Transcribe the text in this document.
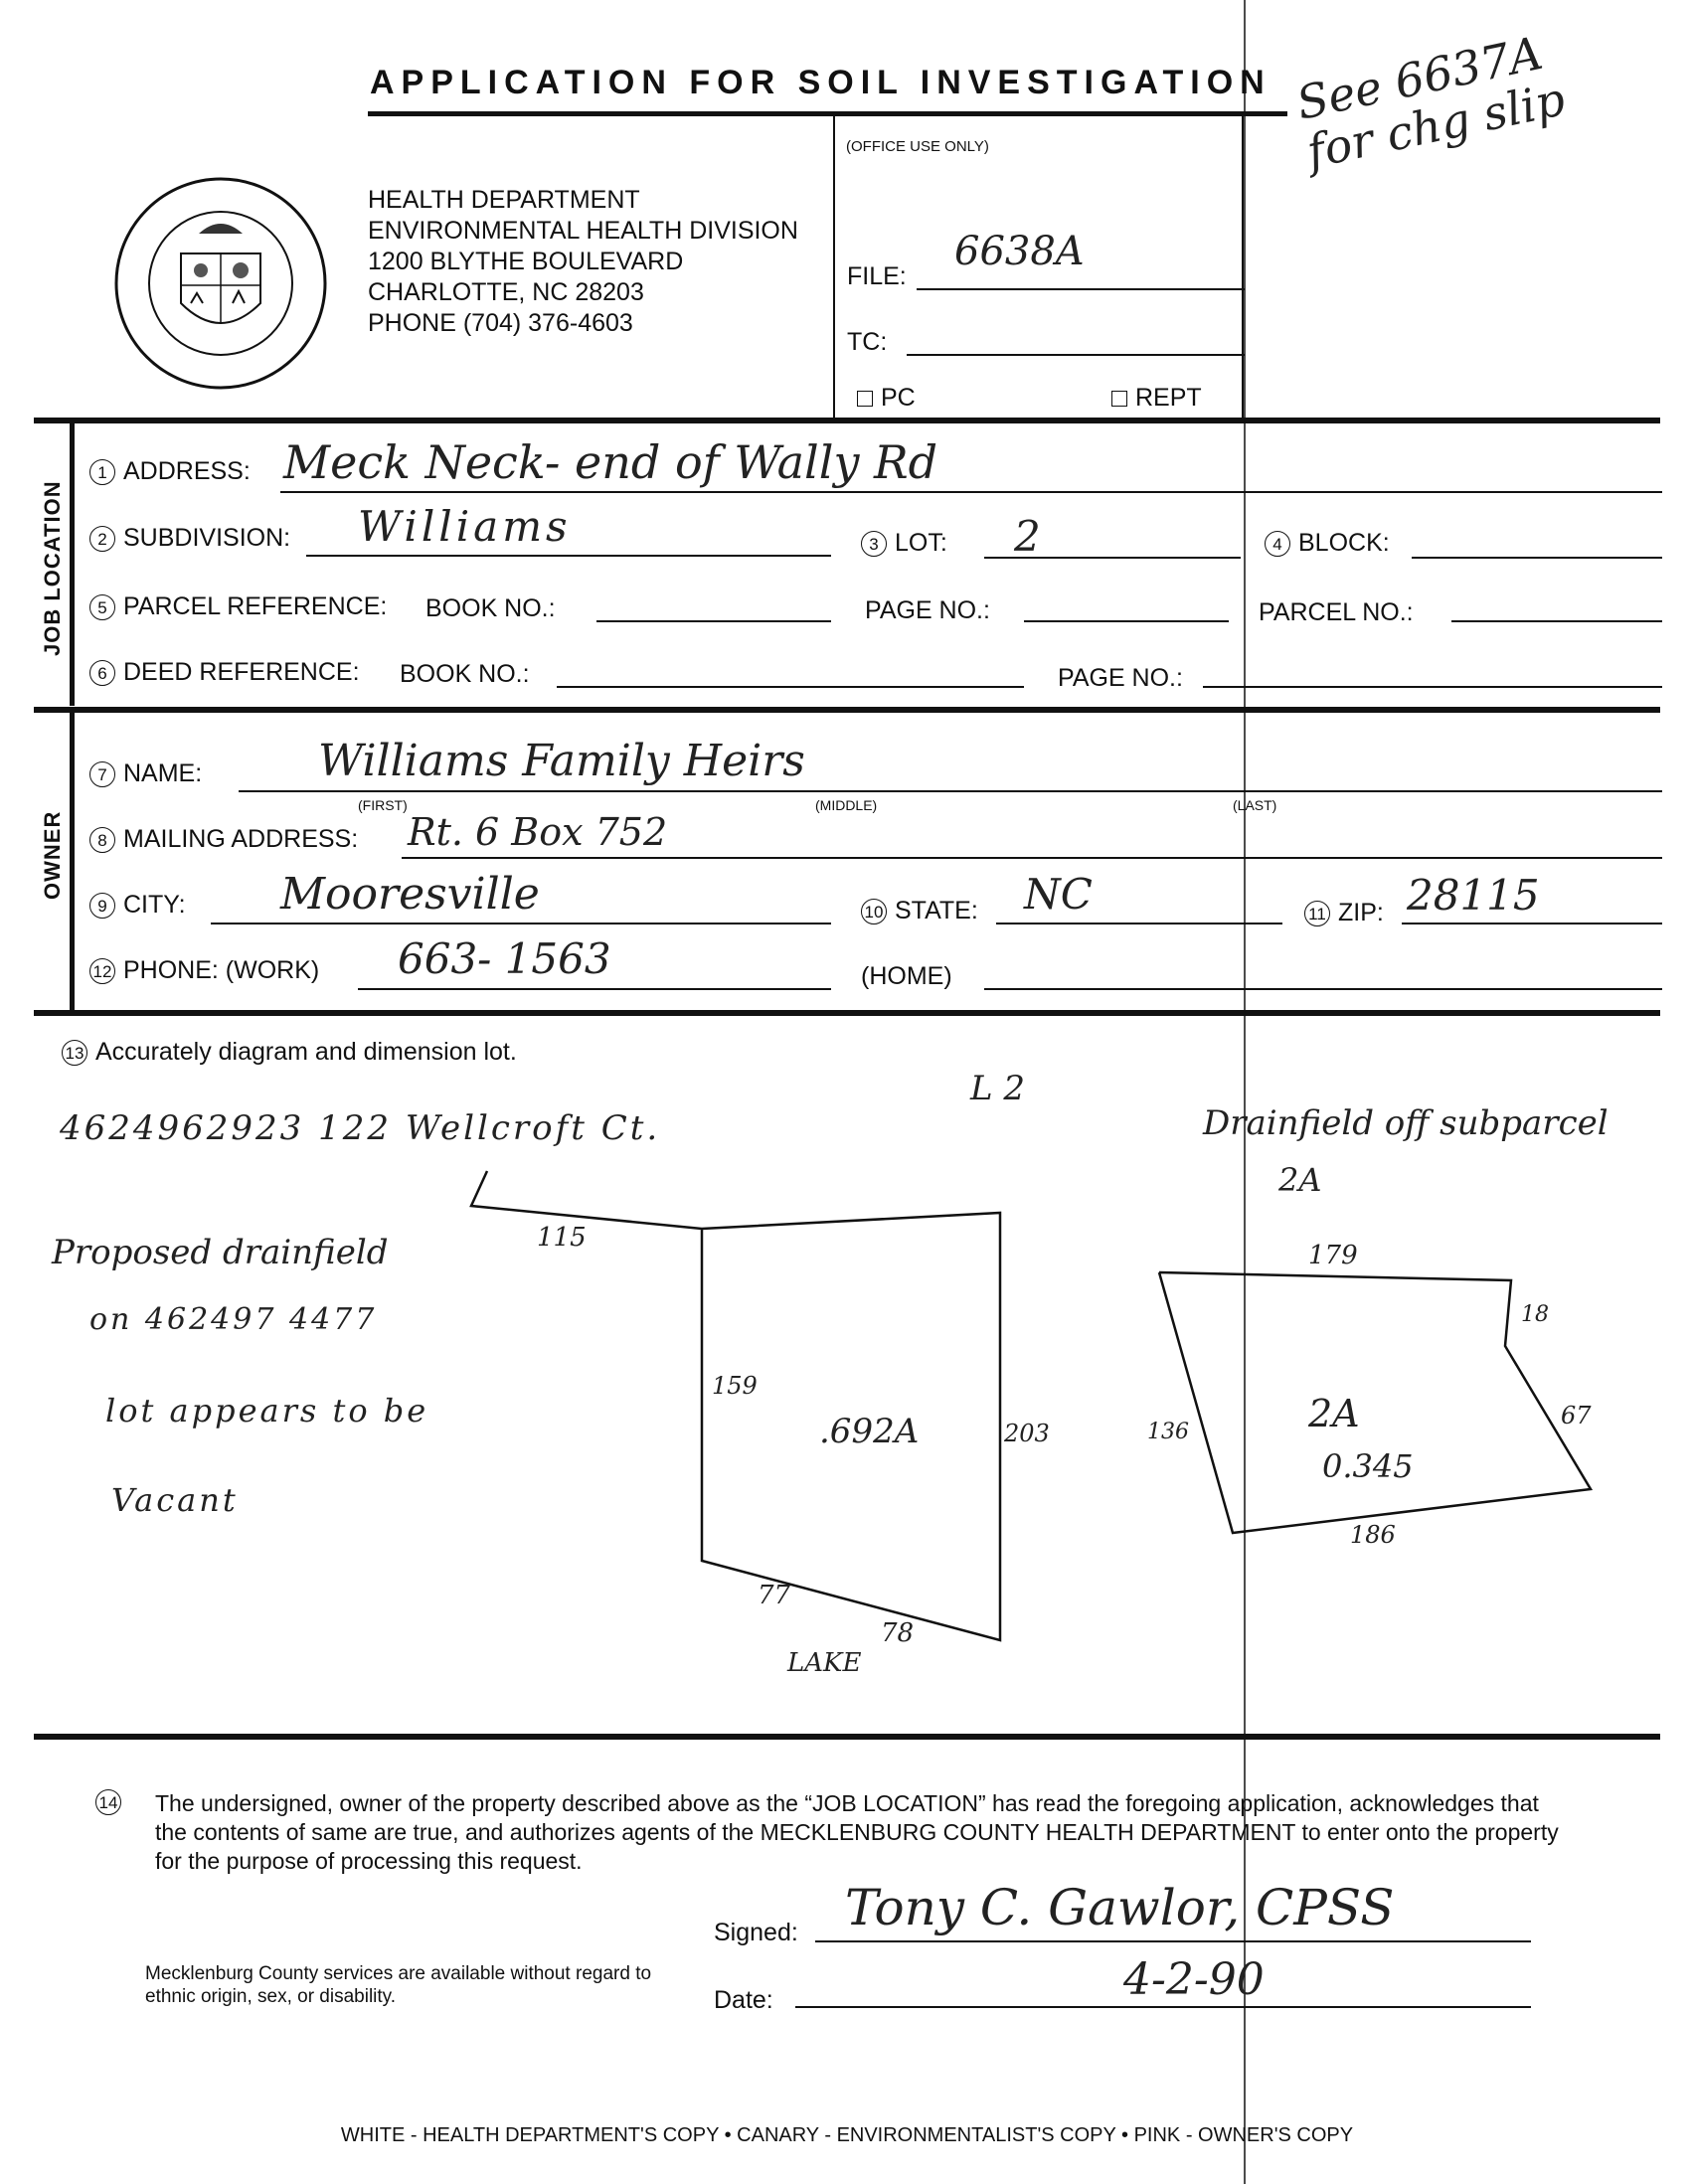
APPLICATION FOR SOIL INVESTIGATION
HEALTH DEPARTMENT
ENVIRONMENTAL HEALTH DIVISION
1200 BLYTHE BOULEVARD
CHARLOTTE, NC 28203
PHONE (704) 376-4603
(OFFICE USE ONLY)
FILE:
6638A
TC:
PC	REPT
See 6637A for chg slip
JOB LOCATION
1 ADDRESS: Meck Neck- end of Wally Rd
2 SUBDIVISION: Williams	3 LOT: 2	4 BLOCK:
5 PARCEL REFERENCE: BOOK NO.:	PAGE NO.:	PARCEL NO.:
6 DEED REFERENCE: BOOK NO.:	PAGE NO.:
OWNER
7 NAME:	Williams Family Heirs
(FIRST)	(MIDDLE)	(LAST)
8 MAILING ADDRESS: Rt. 6 Box 752
9 CITY: Mooresville	10 STATE: NC	11 ZIP: 28115
12 PHONE: (WORK) 663- 1563	(HOME)
13 Accurately diagram and dimension lot.
4624962923 122 Wellcroft Ct.
L 2
Proposed drainfield
on 462497 4477
lot appears to be
Vacant
Drainfield off subparcel
2A
115
159
203
77
78
.692A
LAKE
179
18
67
186
136	2A
0.345
14	The undersigned, owner of the property described above as the “JOB LOCATION” has read the foregoing application, acknowledges that the contents of same are true, and authorizes agents of the MECKLENBURG COUNTY HEALTH DEPARTMENT to enter onto the property for the purpose of processing this request.
Mecklenburg County services are available without regard to ethnic origin, sex, or disability.
Signed: Tony C. Gawlor, CPSS
Date:	4-2-90
WHITE - HEALTH DEPARTMENT'S COPY • CANARY - ENVIRONMENTALIST'S COPY • PINK - OWNER'S COPY
